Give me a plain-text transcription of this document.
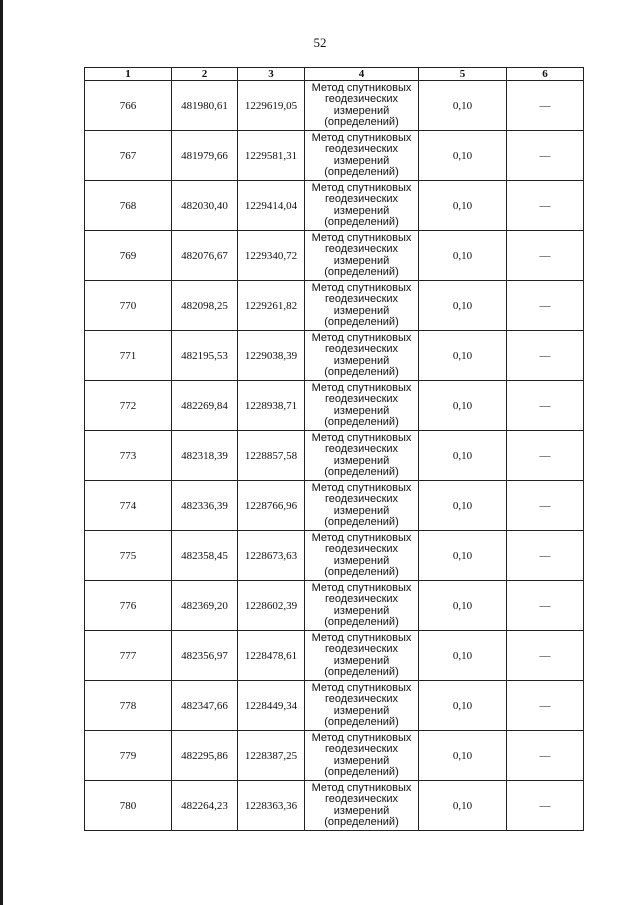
52
1	2	3	4	5	6
766	481980,61	1229619,05	Метод спутниковых
геодезических
измерений
(определений)	0,10	—
767	481979,66	1229581,31	Метод спутниковых
геодезических
измерений
(определений)	0,10	—
768	482030,40	1229414,04	Метод спутниковых
геодезических
измерений
(определений)	0,10	—
769	482076,67	1229340,72	Метод спутниковых
геодезических
измерений
(определений)	0,10	—
770	482098,25	1229261,82	Метод спутниковых
геодезических
измерений
(определений)	0,10	—
771	482195,53	1229038,39	Метод спутниковых
геодезических
измерений
(определений)	0,10	—
772	482269,84	1228938,71	Метод спутниковых
геодезических
измерений
(определений)	0,10	—
773	482318,39	1228857,58	Метод спутниковых
геодезических
измерений
(определений)	0,10	—
774	482336,39	1228766,96	Метод спутниковых
геодезических
измерений
(определений)	0,10	—
775	482358,45	1228673,63	Метод спутниковых
геодезических
измерений
(определений)	0,10	—
776	482369,20	1228602,39	Метод спутниковых
геодезических
измерений
(определений)	0,10	—
777	482356,97	1228478,61	Метод спутниковых
геодезических
измерений
(определений)	0,10	—
778	482347,66	1228449,34	Метод спутниковых
геодезических
измерений
(определений)	0,10	—
779	482295,86	1228387,25	Метод спутниковых
геодезических
измерений
(определений)	0,10	—
780	482264,23	1228363,36	Метод спутниковых
геодезических
измерений
(определений)	0,10	—
